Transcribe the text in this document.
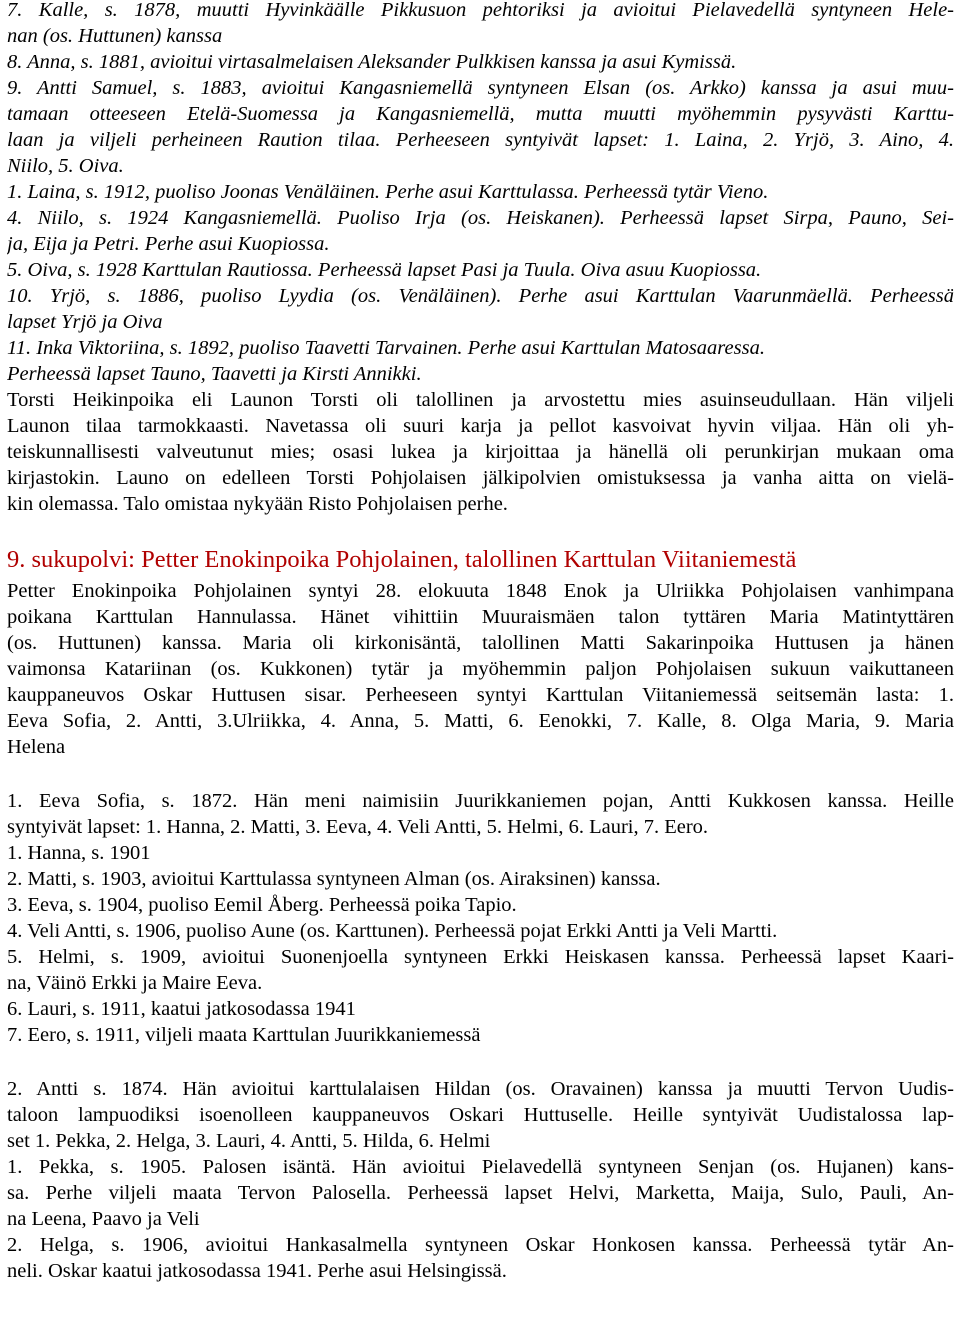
7. Kalle, s. 1878, muutti Hyvinkäälle Pikkusuon pehtoriksi ja avioitui Pielavedellä syntyneen Hele-
nan (os. Huttunen) kanssa
8. Anna, s. 1881, avioitui virtasalmelaisen Aleksander Pulkkisen kanssa ja asui Kymissä.
9. Antti Samuel, s. 1883, avioitui Kangasniemellä syntyneen Elsan (os. Arkko) kanssa ja asui muu-
tamaan otteeseen Etelä-Suomessa ja Kangasniemellä, mutta muutti myöhemmin pysyvästi Karttu-
laan ja viljeli perheineen Raution tilaa. Perheeseen syntyivät lapset: 1. Laina, 2. Yrjö, 3. Aino, 4.
Niilo, 5. Oiva.
1. Laina, s. 1912, puoliso Joonas Venäläinen. Perhe asui Karttulassa. Perheessä tytär Vieno.
4. Niilo, s. 1924 Kangasniemellä. Puoliso Irja (os. Heiskanen). Perheessä lapset Sirpa, Pauno, Sei-
ja, Eija ja Petri. Perhe asui Kuopiossa.
5. Oiva, s. 1928 Karttulan Rautiossa. Perheessä lapset Pasi ja Tuula. Oiva asuu Kuopiossa.
10. Yrjö, s. 1886, puoliso Lyydia (os. Venäläinen). Perhe asui Karttulan Vaarunmäellä. Perheessä
lapset Yrjö ja Oiva
11. Inka Viktoriina, s. 1892, puoliso Taavetti Tarvainen. Perhe asui Karttulan Matosaaressa.
Perheessä lapset Tauno, Taavetti ja Kirsti Annikki.
Torsti Heikinpoika eli Launon Torsti oli talollinen ja arvostettu mies asuinseudullaan. Hän viljeli
Launon tilaa tarmokkaasti. Navetassa oli suuri karja ja pellot kasvoivat hyvin viljaa. Hän oli yh-
teiskunnallisesti valveutunut mies; osasi lukea ja kirjoittaa ja hänellä oli perunkirjan mukaan oma
kirjastokin. Launo on edelleen Torsti Pohjolaisen jälkipolvien omistuksessa ja vanha aitta on vielä-
kin olemassa. Talo omistaa nykyään Risto Pohjolaisen perhe.
9. sukupolvi: Petter Enokinpoika Pohjolainen, talollinen Karttulan Viitaniemestä
Petter Enokinpoika Pohjolainen syntyi 28. elokuuta 1848 Enok ja Ulriikka Pohjolaisen vanhimpana
poikana Karttulan Hannulassa. Hänet vihittiin Muuraismäen talon tyttären Maria Matintyttären
(os. Huttunen) kanssa. Maria oli kirkonisäntä, talollinen Matti Sakarinpoika Huttusen ja hänen
vaimonsa Katariinan (os. Kukkonen) tytär ja myöhemmin paljon Pohjolaisen sukuun vaikuttaneen
kauppaneuvos Oskar Huttusen sisar. Perheeseen syntyi Karttulan Viitaniemessä seitsemän lasta: 1.
Eeva Sofia, 2. Antti, 3.Ulriikka, 4. Anna, 5. Matti, 6. Eenokki, 7. Kalle, 8. Olga Maria, 9. Maria
Helena
1. Eeva Sofia, s. 1872. Hän meni naimisiin Juurikkaniemen pojan, Antti Kukkosen kanssa. Heille
syntyivät lapset: 1. Hanna, 2. Matti, 3. Eeva, 4. Veli Antti, 5. Helmi, 6. Lauri, 7. Eero.
1. Hanna, s. 1901
2. Matti, s. 1903, avioitui Karttulassa syntyneen Alman (os. Airaksinen) kanssa.
3. Eeva, s. 1904, puoliso Eemil Åberg. Perheessä poika Tapio.
4. Veli Antti, s. 1906, puoliso Aune (os. Karttunen). Perheessä pojat Erkki Antti ja Veli Martti.
5. Helmi, s. 1909, avioitui Suonenjoella syntyneen Erkki Heiskasen kanssa. Perheessä lapset Kaari-
na, Väinö Erkki ja Maire Eeva.
6. Lauri, s. 1911, kaatui jatkosodassa 1941
7. Eero, s. 1911, viljeli maata Karttulan Juurikkaniemessä
2. Antti s. 1874. Hän avioitui karttulalaisen Hildan (os. Oravainen) kanssa ja muutti Tervon Uudis-
taloon lampuodiksi isoenolleen kauppaneuvos Oskari Huttuselle. Heille syntyivät Uudistalossa lap-
set 1. Pekka, 2. Helga, 3. Lauri, 4. Antti, 5. Hilda, 6. Helmi
1. Pekka, s. 1905. Palosen isäntä. Hän avioitui Pielavedellä syntyneen Senjan (os. Hujanen) kans-
sa. Perhe viljeli maata Tervon Palosella. Perheessä lapset Helvi, Marketta, Maija, Sulo, Pauli, An-
na Leena, Paavo ja Veli
2. Helga, s. 1906, avioitui Hankasalmella syntyneen Oskar Honkosen kanssa. Perheessä tytär An-
neli. Oskar kaatui jatkosodassa 1941. Perhe asui Helsingissä.
